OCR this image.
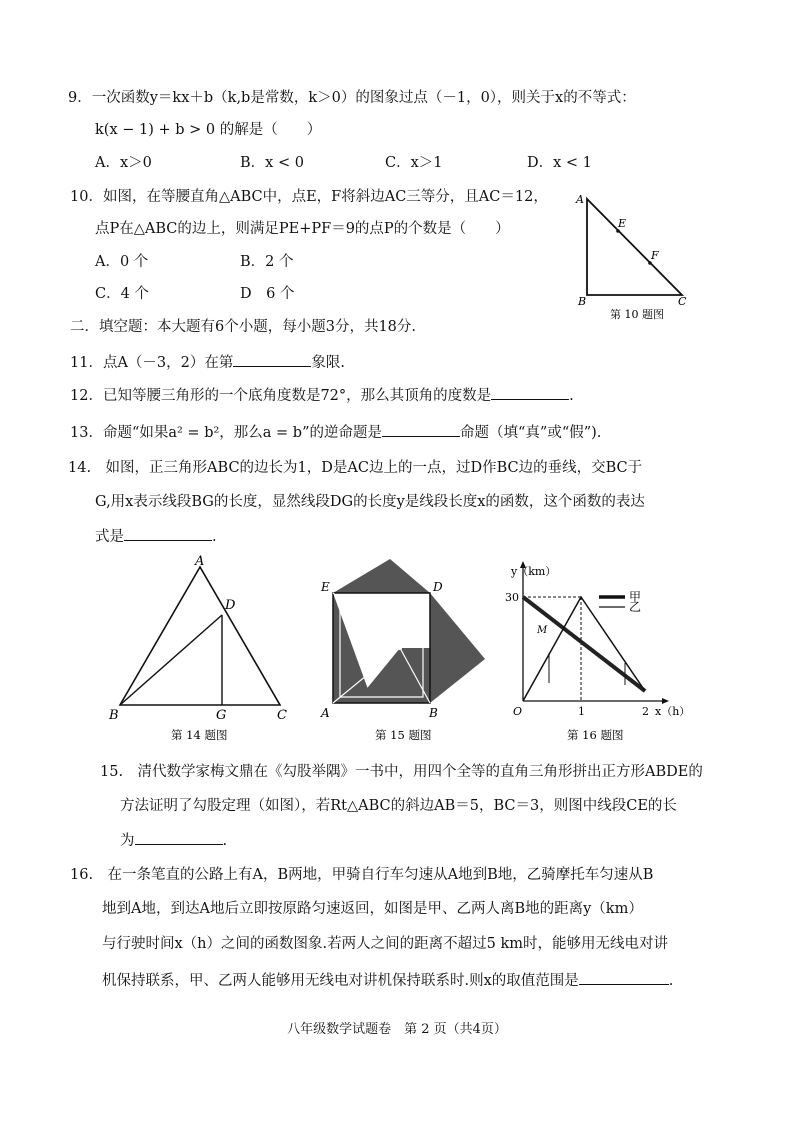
9．一次函数y＝kx＋b（k,b是常数，k＞0）的图象过点（－1，0），则关于x的不等式：
k(x − 1) + b > 0 的解是（　　）
A．x＞0	B．x < 0	C．x＞1	D．x < 1
10．如图，在等腰直角△ABC中，点E，F将斜边AC三等分，且AC＝12，
点P在△ABC的边上，则满足PE+PF＝9的点P的个数是（　　）
A．0 个	B．2 个
C．4 个	D　6 个
A
E
F
B	C
第 10 题图
二．填空题：本大题有6个小题，每小题3分，共18分.
11．点A（－3，2）在第	象限.
12．已知等腰三角形的一个底角度数是72°，那么其顶角的度数是	.
13．命题“如果a² = b²，那么a = b”的逆命题是	命题（填“真”或“假”).
14.　如图，正三角形ABC的边长为1，D是AC边上的一点，过D作BC边的垂线，交BC于
G,用x表示线段BG的长度，显然线段DG的长度y是线段长度x的函数，这个函数的表达
式是	.
A
D
B	G	C
第 14 题图
E	D
C
A	B
第 15 题图
甲
乙
y（km）
30
O	1	2 x（h）
M
第 16 题图
15.　清代数学家梅文鼎在《勾股举隅》一书中，用四个全等的直角三角形拼出正方形ABDE的
方法证明了勾股定理（如图），若Rt△ABC的斜边AB＝5，BC＝3，则图中线段CE的长
为	.
16.　在一条笔直的公路上有A，B两地，甲骑自行车匀速从A地到B地，乙骑摩托车匀速从B
地到A地，到达A地后立即按原路匀速返回，如图是甲、乙两人离B地的距离y（km）
与行驶时间x（h）之间的函数图象.若两人之间的距离不超过5 km时，能够用无线电对讲
机保持联系，甲、乙两人能够用无线电对讲机保持联系时.则x的取值范围是	.
八年级数学试题卷　第 2 页（共4页）
